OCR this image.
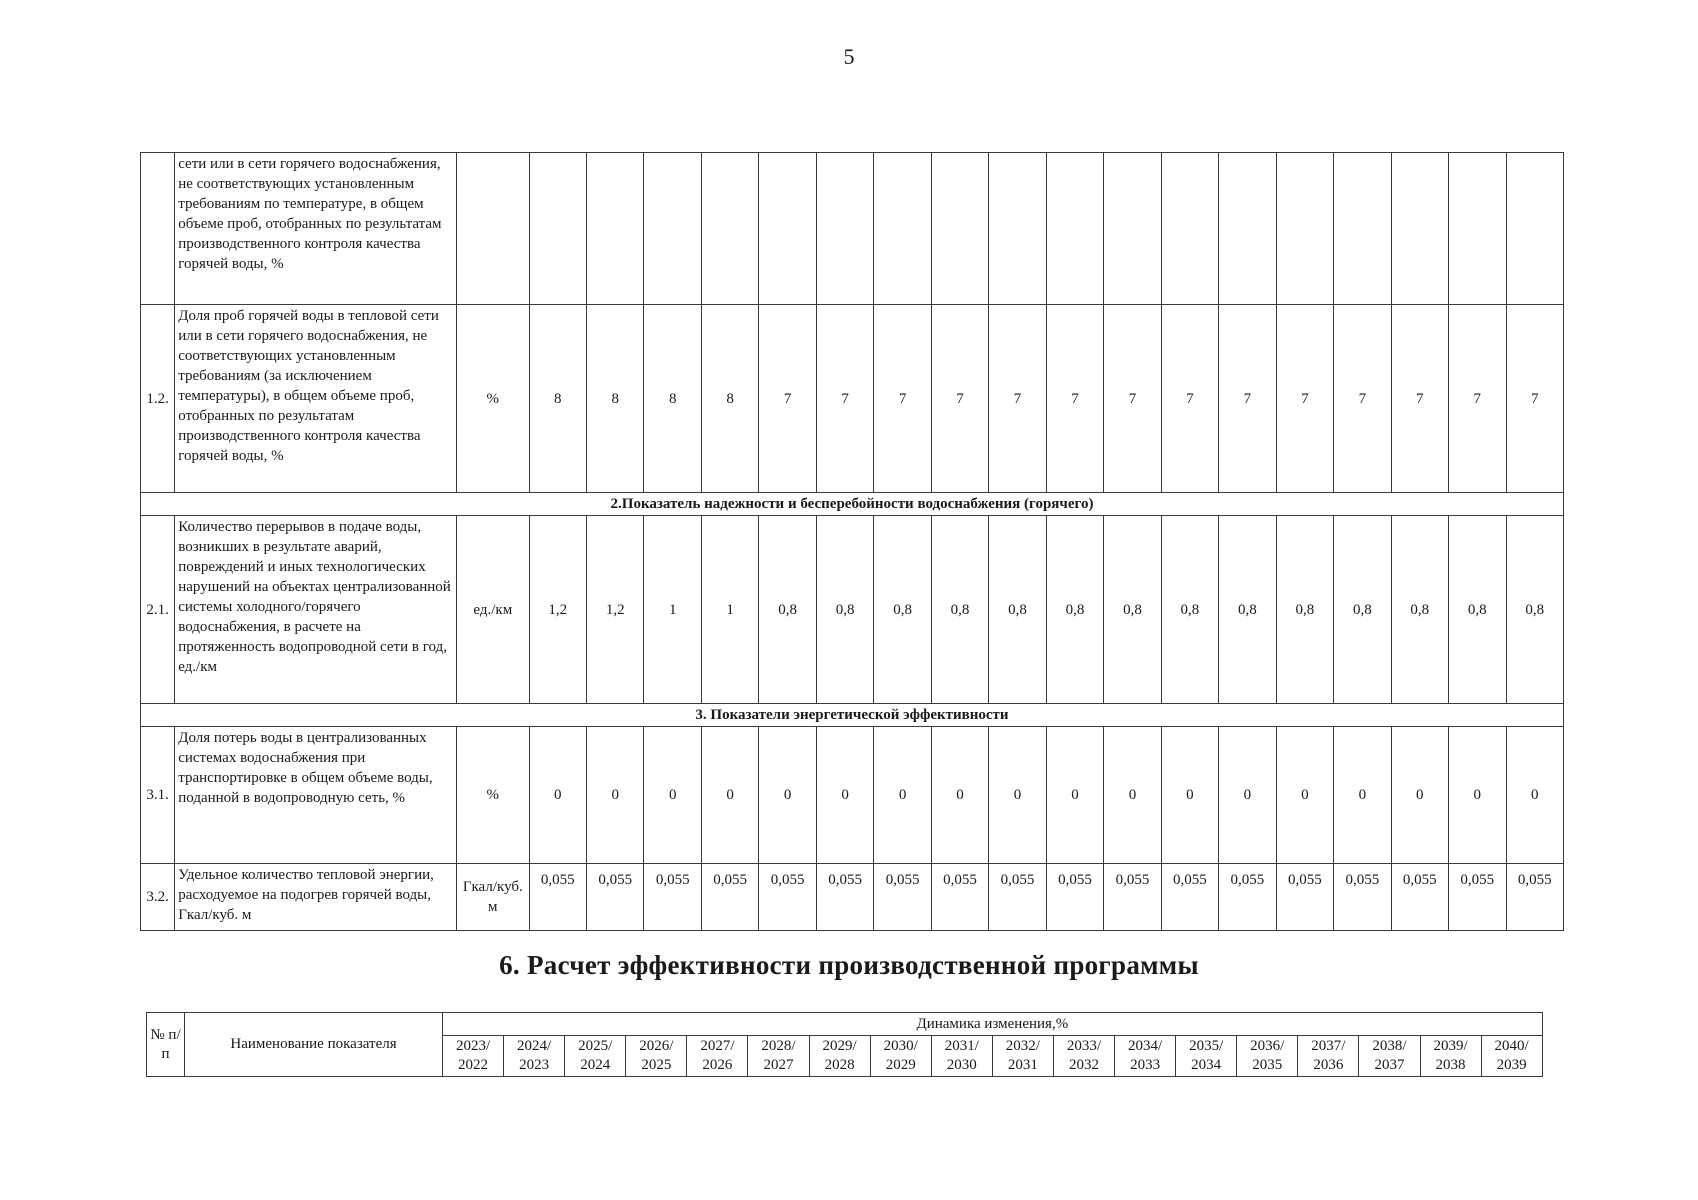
5
	сети или в сети горячего водоснабжения, не соответствующих установленным требованиям по температуре, в общем объеме проб, отобранных по результатам производственного контроля качества горячей воды, %																			
1.2.	Доля проб горячей воды в тепловой сети или в сети горячего водоснабжения, не соответствующих установленным требованиям (за исключением температуры), в общем объеме проб, отобранных по результатам производственного контроля качества горячей воды, %	%	8	8	8	8	7	7	7	7	7	7	7	7	7	7	7	7	7	7
2.Показатель надежности и бесперебойности водоснабжения (горячего)																				
2.1.	Количество перерывов в подаче воды, возникших в результате аварий, повреждений и иных технологических нарушений на объектах централизованной системы холодного/горячего водоснабжения, в расчете на протяженность водопроводной сети в год, ед./км	ед./км	1,2	1,2	1	1	0,8	0,8	0,8	0,8	0,8	0,8	0,8	0,8	0,8	0,8	0,8	0,8	0,8	0,8
3. Показатели энергетической эффективности																				
3.1.	Доля потерь воды в централизованных системах водоснабжения при транспортировке в общем объеме воды, поданной в водопроводную сеть, %	%	0	0	0	0	0	0	0	0	0	0	0	0	0	0	0	0	0	0
3.2.	Удельное количество тепловой энергии, расходуемое на подогрев горячей воды, Гкал/куб. м	Гкал/куб. м	0,055	0,055	0,055	0,055	0,055	0,055	0,055	0,055	0,055	0,055	0,055	0,055	0,055	0,055	0,055	0,055	0,055	0,055
6. Расчет эффективности производственной программы
№ п/п	Наименование показателя	Динамика изменения,%																	
		2023/ 2022	2024/ 2023	2025/ 2024	2026/ 2025	2027/ 2026	2028/ 2027	2029/ 2028	2030/ 2029	2031/ 2030	2032/ 2031	2033/ 2032	2034/ 2033	2035/ 2034	2036/ 2035	2037/ 2036	2038/ 2037	2039/ 2038	2040/ 2039
